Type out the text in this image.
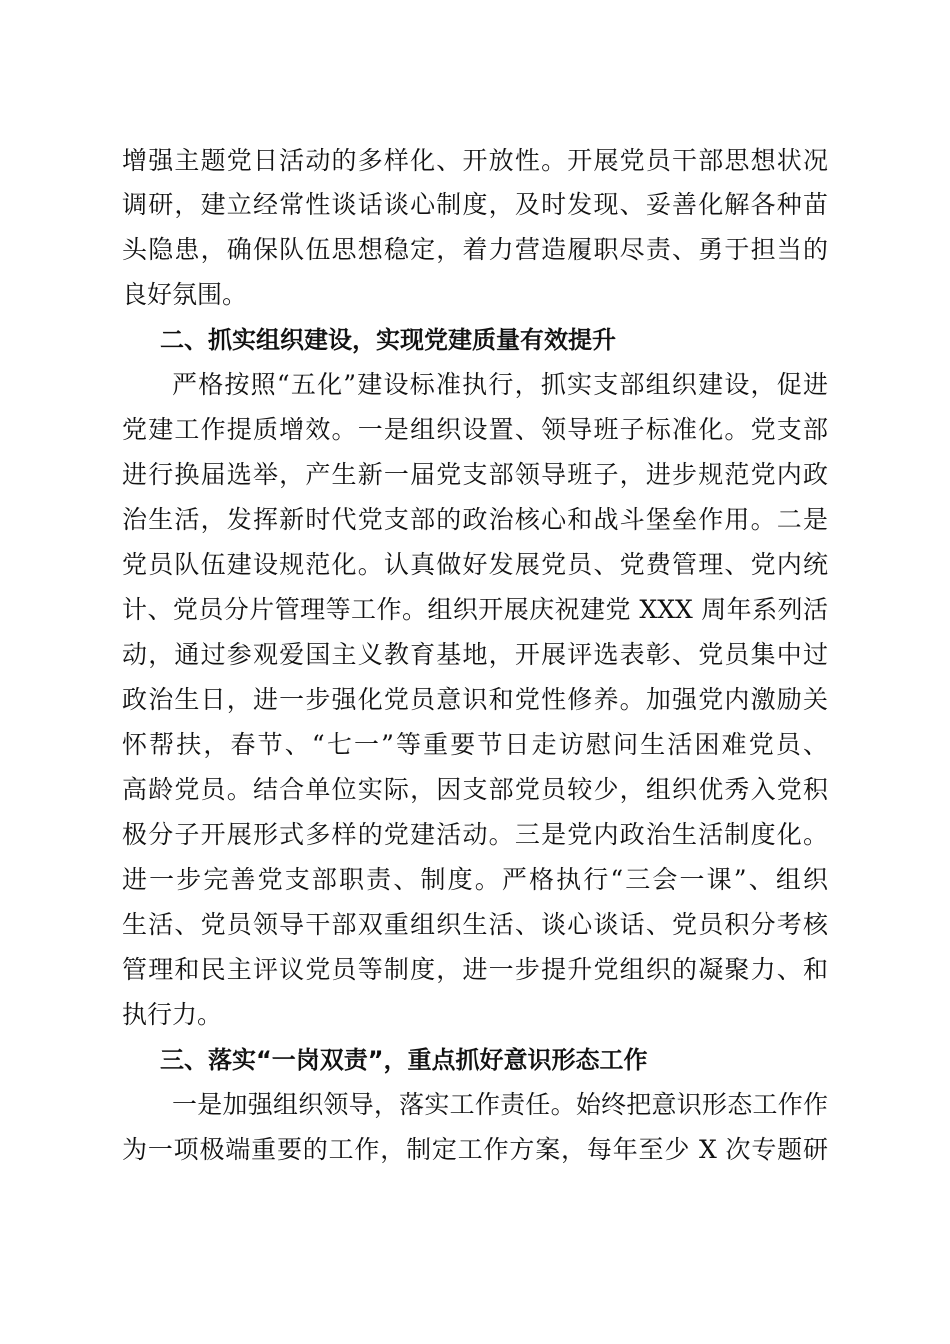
增强主题党日活动的多样化、开放性。开展党员干部思想状况
调研，建立经常性谈话谈心制度，及时发现、妥善化解各种苗
头隐患，确保队伍思想稳定，着力营造履职尽责、勇于担当的
良好氛围。
二、抓实组织建设，实现党建质量有效提升
严格按照“五化”建设标准执行，抓实支部组织建设，促进
党建工作提质增效。一是组织设置、领导班子标准化。党支部
进行换届选举，产生新一届党支部领导班子，进步规范党内政
治生活，发挥新时代党支部的政治核心和战斗堡垒作用。二是
党员队伍建设规范化。认真做好发展党员、党费管理、党内统
计、党员分片管理等工作。组织开展庆祝建党 XXX 周年系列活
动，通过参观爱国主义教育基地，开展评选表彰、党员集中过
政治生日，进一步强化党员意识和党性修养。加强党内激励关
怀帮扶，春节、“七一”等重要节日走访慰问生活困难党员、
高龄党员。结合单位实际，因支部党员较少，组织优秀入党积
极分子开展形式多样的党建活动。三是党内政治生活制度化。
进一步完善党支部职责、制度。严格执行“三会一课”、组织
生活、党员领导干部双重组织生活、谈心谈话、党员积分考核
管理和民主评议党员等制度，进一步提升党组织的凝聚力、和
执行力。
三、落实“一岗双责”，重点抓好意识形态工作
一是加强组织领导，落实工作责任。始终把意识形态工作作
为一项极端重要的工作，制定工作方案，每年至少 X 次专题研
